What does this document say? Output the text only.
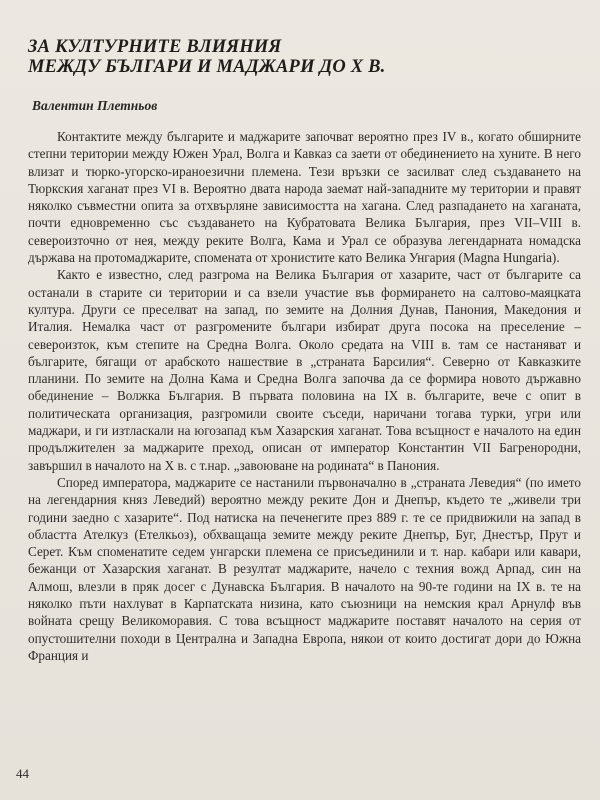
ЗА КУЛТУРНИТЕ ВЛИЯНИЯ
МЕЖДУ БЪЛГАРИ И МАДЖАРИ ДО Х В.

Валентин Плетньов

Контактите между българите и маджарите започват вероятно през IV в., когато обширните степни територии между Южен Урал, Волга и Кавказ са заети от обединението на хуните. В него влизат и тюрко-угорско-ираноезични племена. Тези връзки се засилват след създаването на Тюркския хаганат през VI в. Вероятно двата народа заемат най-западните му територии и правят няколко съвместни опита за отхвърляне зависимостта на хагана. След разпадането на хаганата, почти едновременно със създаването на Кубратовата Велика България, през VII–VIII в. североизточно от нея, между реките Волга, Кама и Урал се образува легендарната номадска държава на протомаджарите, спомената от хронистите като Велика Унгария (Magna Hungaria).

Както е известно, след разгрома на Велика България от хазарите, част от българите са останали в старите си територии и са взели участие във формирането на салтово-маяцката култура. Други се преселват на запад, по земите на Долния Дунав, Панония, Македония и Италия. Немалка част от разгромените българи избират друга посока на преселение – североизток, към степите на Средна Волга. Около средата на VIII в. там се настаняват и българите, бягащи от арабското нашествие в „страната Барсилия“. Северно от Кавказките планини. По земите на Долна Кама и Средна Волга започва да се формира новото държавно обединение – Волжка България. В първата половина на IX в. българите, вече с опит в политическата организация, разгромили своите съседи, наричани тогава турки, угри или маджари, и ги изтласкали на югозапад към Хазарския хаганат. Това всъщност е началото на един продължителен за маджарите преход, описан от император Константин VII Багренородни, завършил в началото на Х в. с т.нар. „завоюване на родината“ в Панония.

Според императора, маджарите се настанили първоначално в „страната Леведия“ (по името на легендарния княз Леведий) вероятно между реките Дон и Днепър, където те „живели три години заедно с хазарите“. Под натиска на печенегите през 889 г. те се придвижили на запад в областта Ателкуз (Етелкьоз), обхващаща земите между реките Днепър, Буг, Днестър, Прут и Серет. Към споменатите седем унгарски племена се присъединили и т. нар. кабари или кавари, бежанци от Хазарския хаганат. В резултат маджарите, начело с техния вожд Арпад, син на Алмош, влезли в пряк досег с Дунавска България. В началото на 90-те години на IX в. те на няколко пъти нахлуват в Карпатската низина, като съюзници на немския крал Арнулф във войната срещу Великоморавия. С това всъщност маджарите поставят началото на серия от опустошителни походи в Централна и Западна Европа, някои от които достигат дори до Южна Франция и

44
